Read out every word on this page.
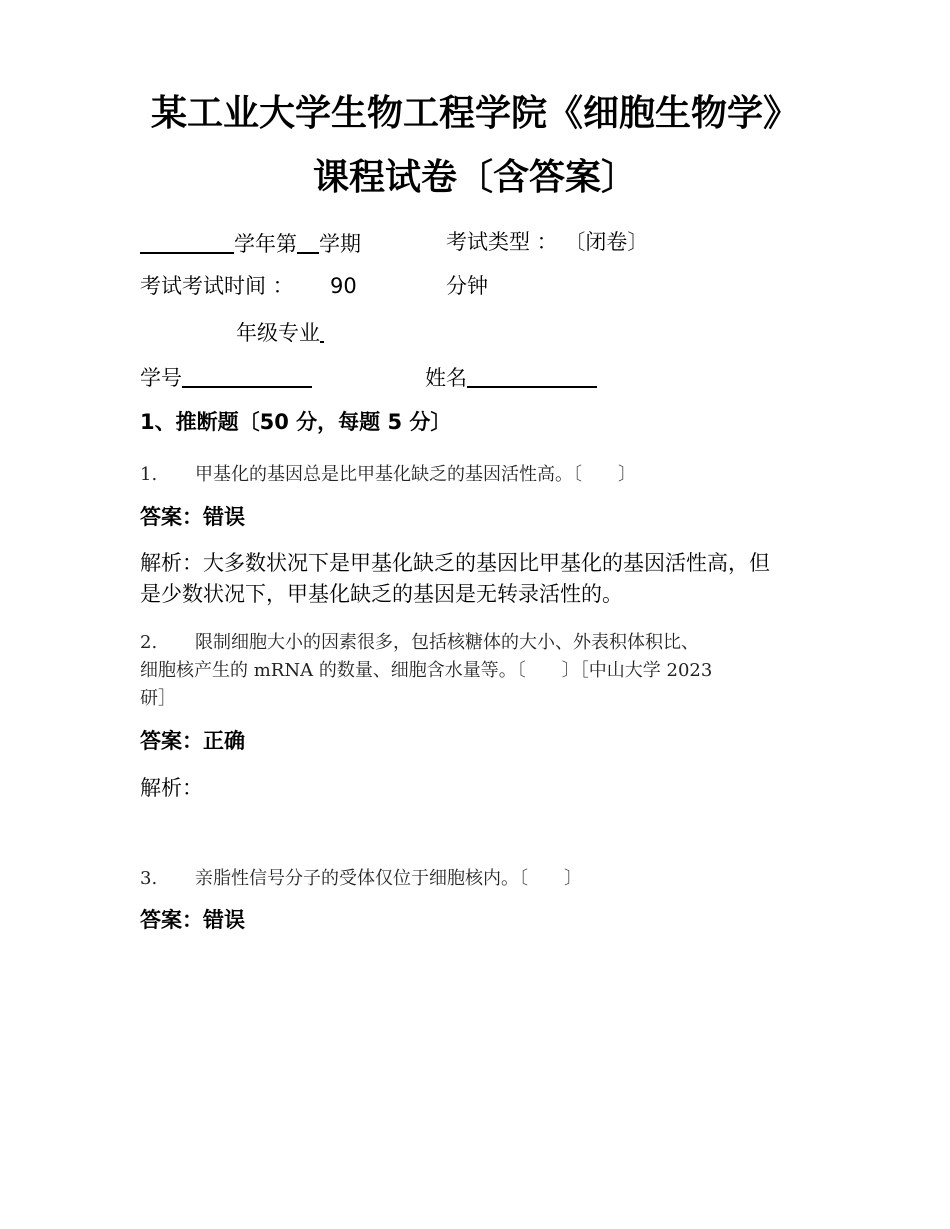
某工业大学生物工程学院《细胞生物学》
课程试卷〔含答案〕
学年第 学期	考试类型 ： 〔闭卷〕
考试考试时间 ： 90	分钟
年级专业
学号	姓名
1、推断题〔50 分，每题 5 分〕
1. 甲基化的基因总是比甲基化缺乏的基因活性高。〔　　〕
答案：错误
解析：大多数状况下是甲基化缺乏的基因比甲基化的基因活性高，但
是少数状况下，甲基化缺乏的基因是无转录活性的。
2. 限制细胞大小的因素很多，包括核糖体的大小、外表积体积比、
细胞核产生的 mRNA 的数量、细胞含水量等。〔　　〕［中山大学 2023
研］
答案：正确
解析：
3. 亲脂性信号分子的受体仅位于细胞核内。〔　　〕
答案：错误
